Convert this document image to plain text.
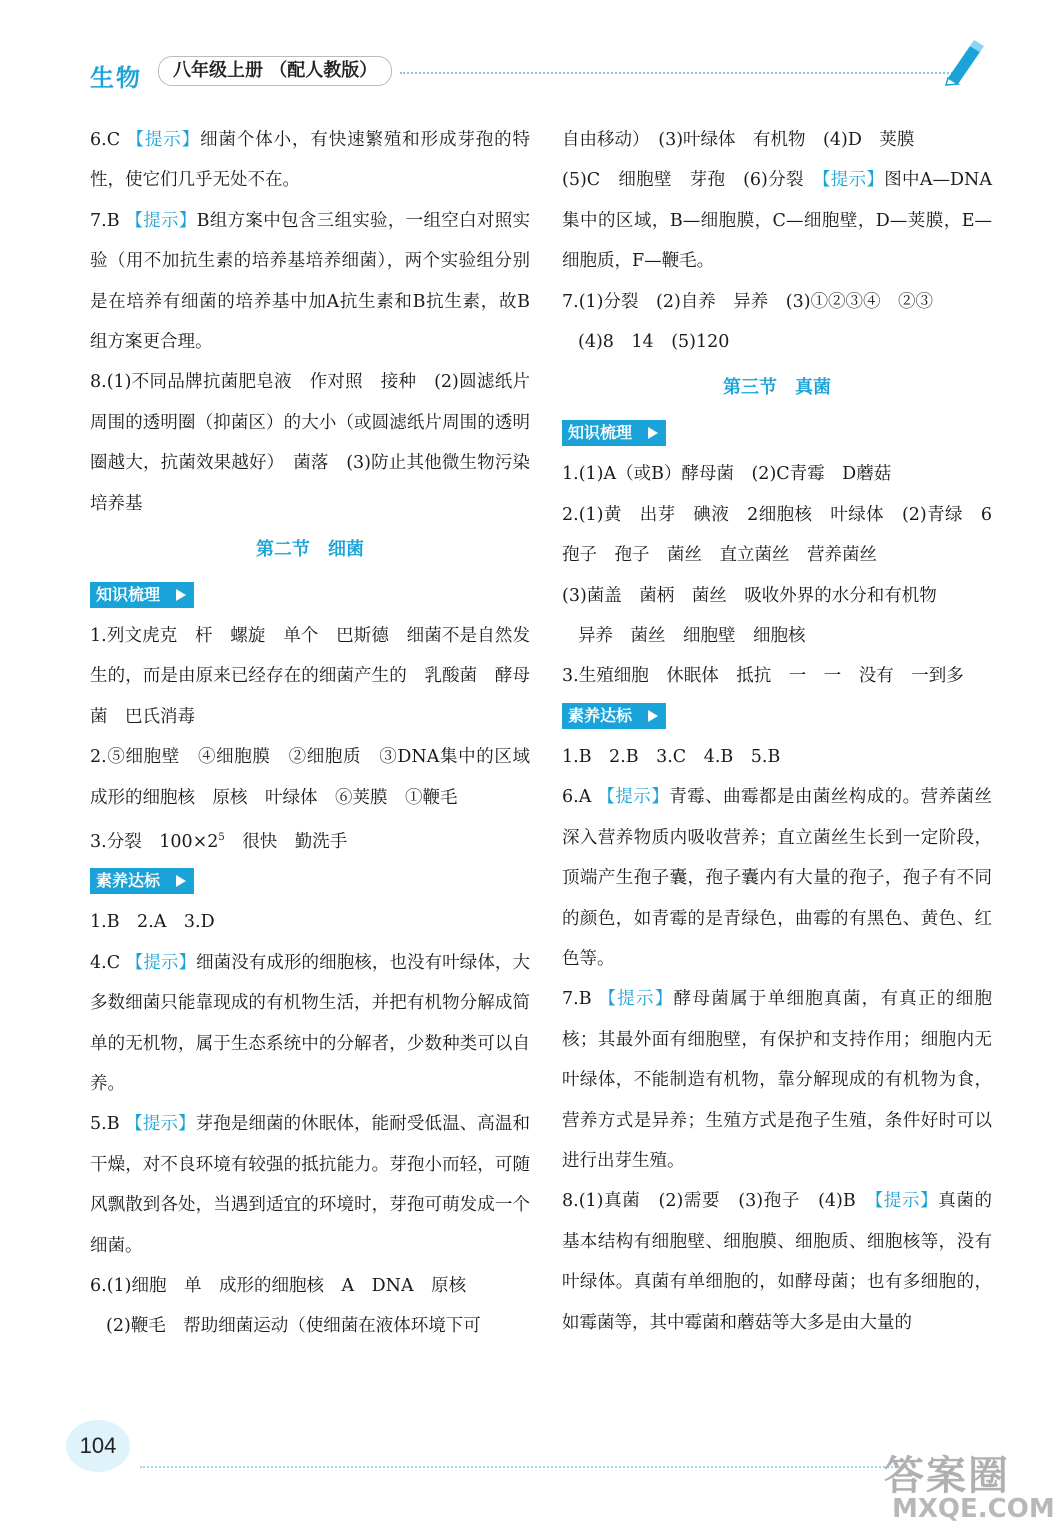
生物	八年级上册 （配人教版）

6.C 【提示】细菌个体小，有快速繁殖和形成芽孢的特性，使它们几乎无处不在。

7.B 【提示】B组方案中包含三组实验，一组空白对照实验（用不加抗生素的培养基培养细菌），两个实验组分别是在培养有细菌的培养基中加A抗生素和B抗生素，故B组方案更合理。

8.(1)不同品牌抗菌肥皂液　作对照　接种　(2)圆滤纸片周围的透明圈（抑菌区）的大小（或圆滤纸片周围的透明圈越大，抗菌效果越好）　菌落　(3)防止其他微生物污染培养基

第二节　细菌
知识梳理

1.列文虎克　杆　螺旋　单个　巴斯德　细菌不是自然发生的，而是由原来已经存在的细菌产生的　乳酸菌　酵母菌　巴氏消毒

2.⑤细胞壁　④细胞膜　②细胞质　③DNA集中的区域　成形的细胞核　原核　叶绿体　⑥荚膜　①鞭毛

3.分裂　$100\times 2^5$　很快　勤洗手

素养达标

1.B　2.A　3.D

4.C 【提示】细菌没有成形的细胞核，也没有叶绿体，大多数细菌只能靠现成的有机物生活，并把有机物分解成简单的无机物，属于生态系统中的分解者，少数种类可以自养。

5.B 【提示】芽孢是细菌的休眠体，能耐受低温、高温和干燥，对不良环境有较强的抵抗能力。芽孢小而轻，可随风飘散到各处，当遇到适宜的环境时，芽孢可萌发成一个细菌。

6.(1)细胞　单　成形的细胞核　A　DNA　原核

(2)鞭毛　帮助细菌运动（使细菌在液体环境下可

自由移动）　(3)叶绿体　有机物　(4)D　荚膜

(5)C　细胞壁　芽孢　(6)分裂　【提示】图中A—DNA集中的区域，B—细胞膜，C—细胞壁，D—荚膜，E—细胞质，F—鞭毛。

7.(1)分裂　(2)自养　异养　(3)①②③④　②③

(4)8　14　(5)120

第三节　真菌
知识梳理

1.(1)A（或B）酵母菌　(2)C青霉　D蘑菇

2.(1)黄　出芽　碘液　2细胞核　叶绿体　(2)青绿　6孢子　孢子　菌丝　直立菌丝　营养菌丝

(3)菌盖　菌柄　菌丝　吸收外界的水分和有机物

异养　菌丝　细胞壁　细胞核

3.生殖细胞　休眠体　抵抗　一　一　没有　一到多

素养达标

1.B　2.B　3.C　4.B　5.B

6.A 【提示】青霉、曲霉都是由菌丝构成的。营养菌丝深入营养物质内吸收营养；直立菌丝生长到一定阶段，顶端产生孢子囊，孢子囊内有大量的孢子，孢子有不同的颜色，如青霉的是青绿色，曲霉的有黑色、黄色、红色等。

7.B 【提示】酵母菌属于单细胞真菌，有真正的细胞核；其最外面有细胞壁，有保护和支持作用；细胞内无叶绿体，不能制造有机物，靠分解现成的有机物为食，营养方式是异养；生殖方式是孢子生殖，条件好时可以进行出芽生殖。

8.(1)真菌　(2)需要　(3)孢子　(4)B　【提示】真菌的基本结构有细胞壁、细胞膜、细胞质、细胞核等，没有叶绿体。真菌有单细胞的，如酵母菌；也有多细胞的，如霉菌等，其中霉菌和蘑菇等大多是由大量的

104
答案圈
MXQE.COM
